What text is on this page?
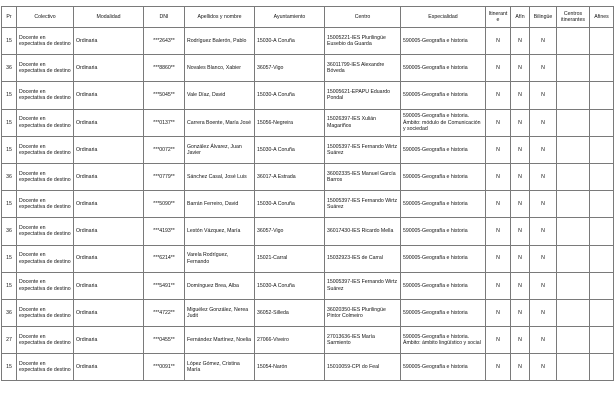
Pr	Colectivo	Modalidad	DNI	Apellidos y nombre	Ayuntamiento	Centro	Especialidad	Itinerante	Afín	Bilingüe	Centros itinerantes	Afines
15	Docente en expectativa de destino	Ordinaria	***2643**	Rodríguez Balerón, Pablo	15030-A Coruña	15005221-IES Plurilingüe Eusebio da Guarda	590005-Geografía e historia	N	N	N		
36	Docente en expectativa de destino	Ordinaria	***8860**	Novales Blanco, Xabier	36057-Vigo	36011799-IES Alexandre Bóveda	590005-Geografía e historia	N	N	N		
15	Docente en expectativa de destino	Ordinaria	***5045**	Vale Díaz, David	15030-A Coruña	15005621-EPAPU Eduardo Pondal	590005-Geografía e historia	N	N	N		
15	Docente en expectativa de destino	Ordinaria	***0137**	Carrera Boente, María José	15056-Negreira	15026397-IES Xulián Magariños	590005-Geografía e historia. Ámbito: módulo de Comunicación y sociedad	N	N	N		
15	Docente en expectativa de destino	Ordinaria	***0072**	González Álvarez, Juan Javier	15030-A Coruña	15005397-IES Fernando Wirtz Suárez	590005-Geografía e historia	N	N	N		
36	Docente en expectativa de destino	Ordinaria	***0779**	Sánchez Casal, José Luis	36017-A Estrada	36002335-IES Manuel García Barros	590005-Geografía e historia	N	N	N		
15	Docente en expectativa de destino	Ordinaria	***5090**	Barrán Ferreiro, David	15030-A Coruña	15005397-IES Fernando Wirtz Suárez	590005-Geografía e historia	N	N	N		
36	Docente en expectativa de destino	Ordinaria	***4193**	Lestón Vázquez, María	36057-Vigo	36017430-IES Ricardo Mella	590005-Geografía e historia	N	N	N		
15	Docente en expectativa de destino	Ordinaria	***6214**	Varela Rodríguez, Fernando	15021-Carral	15032923-IES de Carral	590005-Geografía e historia	N	N	N		
15	Docente en expectativa de destino	Ordinaria	***5491**	Domínguez Brea, Alba	15030-A Coruña	15005397-IES Fernando Wirtz Suárez	590005-Geografía e historia	N	N	N		
36	Docente en expectativa de destino	Ordinaria	***4722**	Miguélez González, Nerea Judit	36052-Silleda	36020350-IES Plurilingüe Pintor Colmeiro	590005-Geografía e historia	N	N	N		
27	Docente en expectativa de destino	Ordinaria	***0455**	Fernández Martínez, Noelia	27066-Viveiro	27013636-IES María Sarmiento	590005-Geografía e historia. Ámbito: ámbito lingüístico y social	N	N	N		
15	Docente en expectativa de destino	Ordinaria	***0091**	López Gómez, Cristina María	15054-Narón	15010059-CPI do Feal	590005-Geografía e historia	N	N	N		
